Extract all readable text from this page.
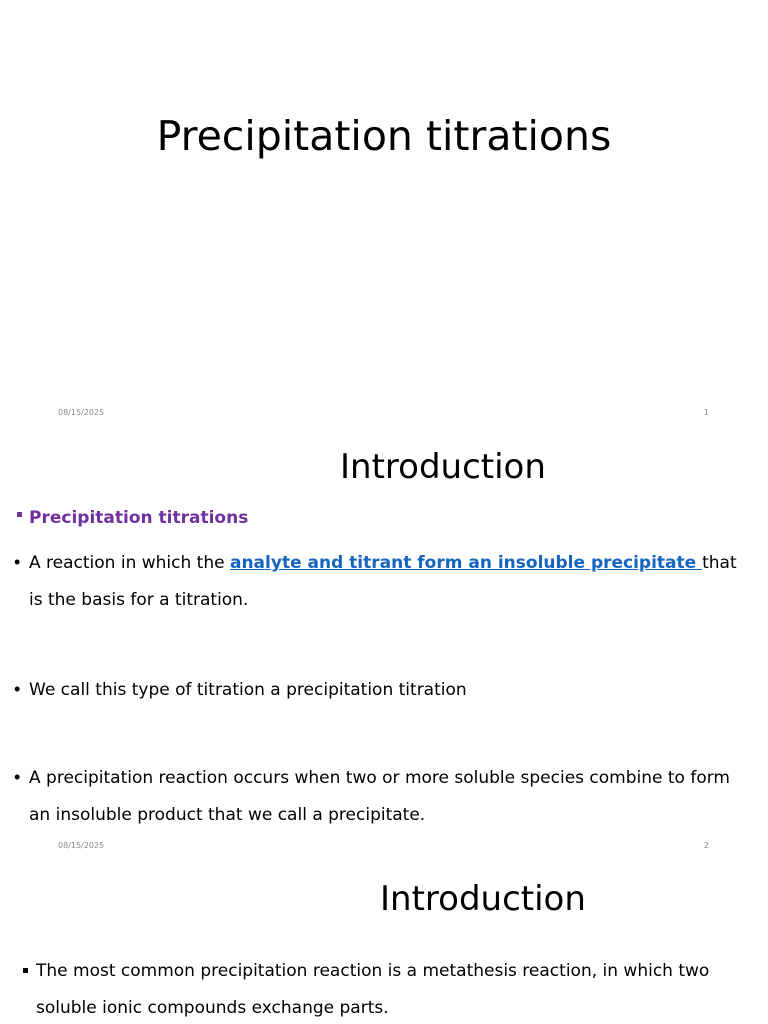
Precipitation titrations
08/15/2025	1
Introduction
Precipitation titrations
• A reaction in which the analyte and titrant form an insoluble precipitate that is the basis for a titration.
• We call this type of titration a precipitation titration
• A precipitation reaction occurs when two or more soluble species combine to form an insoluble product that we call a precipitate.
08/15/2025	2
Introduction
The most common precipitation reaction is a metathesis reaction, in which two soluble ionic compounds exchange parts.
